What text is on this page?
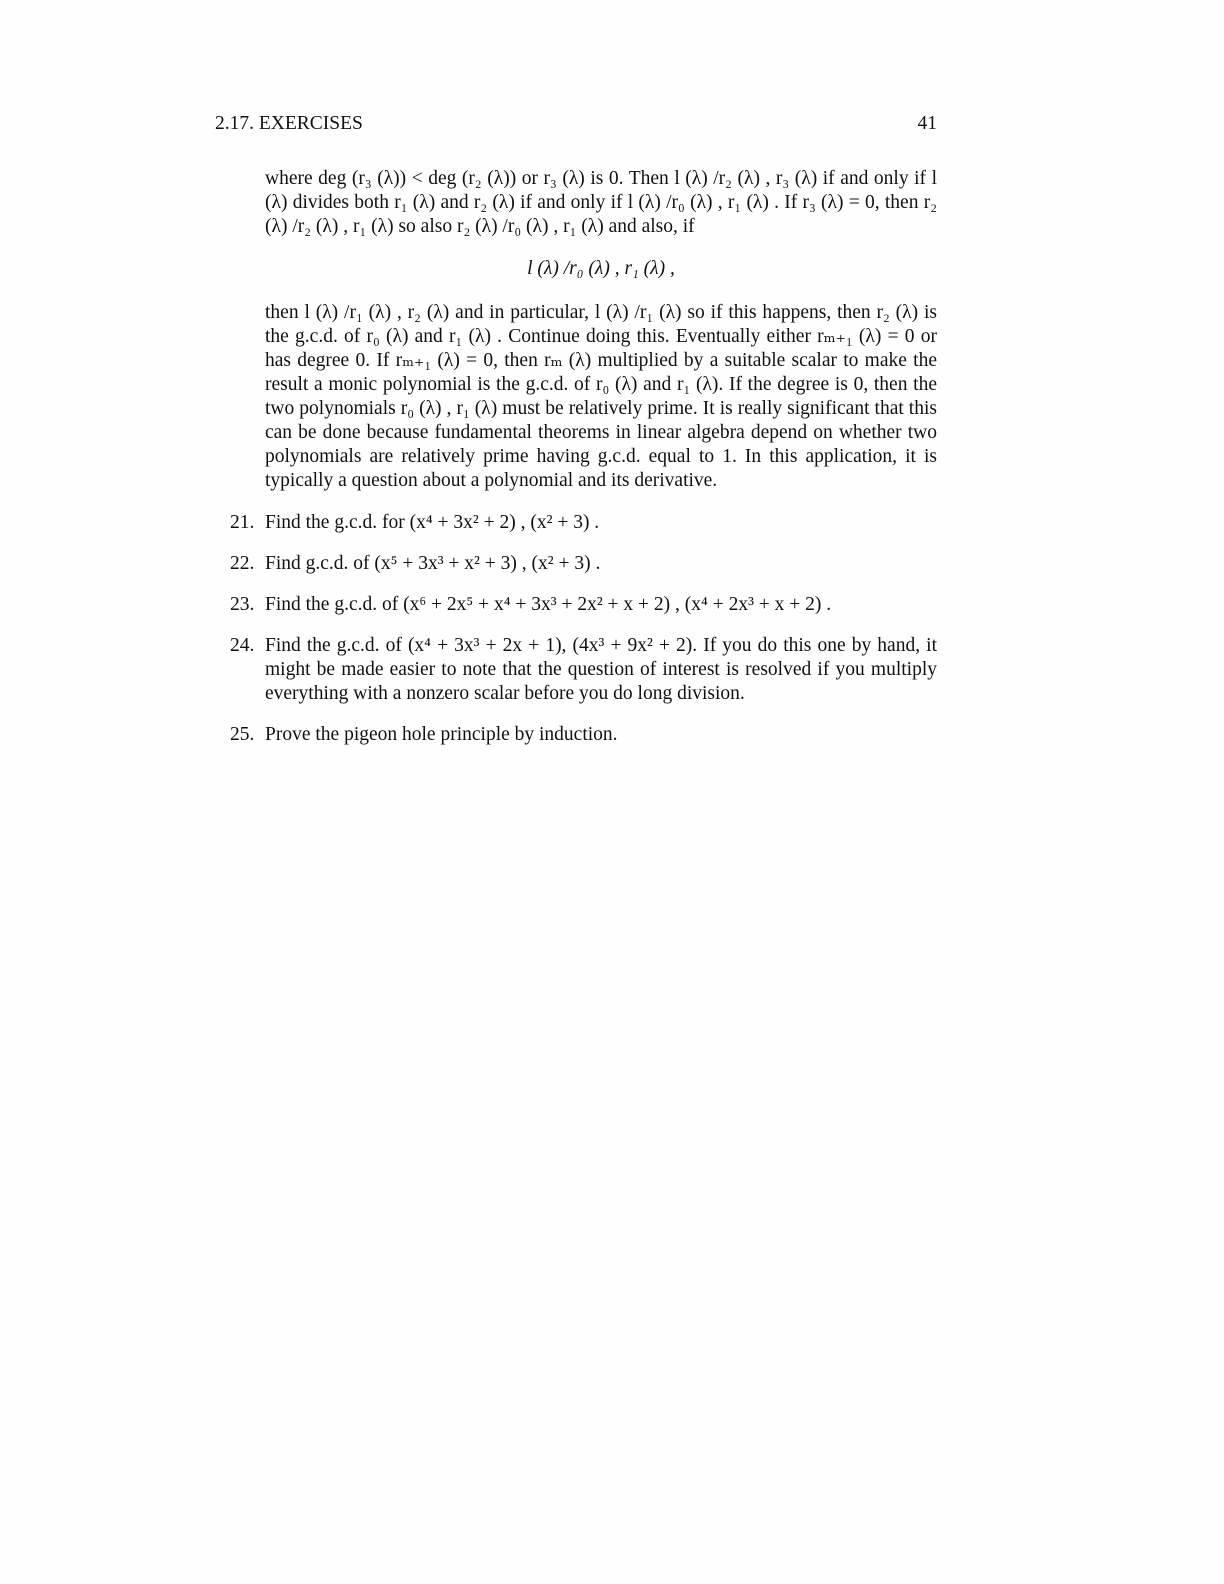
2.17. EXERCISES	41

where deg (r₃ (λ)) < deg (r₂ (λ)) or r₃ (λ) is 0. Then l (λ) /r₂ (λ) , r₃ (λ) if and only if l (λ) divides both r₁ (λ) and r₂ (λ) if and only if l (λ) /r₀ (λ) , r₁ (λ) . If r₃ (λ) = 0, then r₂ (λ) /r₂ (λ) , r₁ (λ) so also r₂ (λ) /r₀ (λ) , r₁ (λ) and also, if

l (λ) /r₀ (λ) , r₁ (λ) ,

then l (λ) /r₁ (λ) , r₂ (λ) and in particular, l (λ) /r₁ (λ) so if this happens, then r₂ (λ) is the g.c.d. of r₀ (λ) and r₁ (λ) . Continue doing this. Eventually either rₘ₊₁ (λ) = 0 or has degree 0. If rₘ₊₁ (λ) = 0, then rₘ (λ) multiplied by a suitable scalar to make the result a monic polynomial is the g.c.d. of r₀ (λ) and r₁ (λ). If the degree is 0, then the two polynomials r₀ (λ) , r₁ (λ) must be relatively prime. It is really significant that this can be done because fundamental theorems in linear algebra depend on whether two polynomials are relatively prime having g.c.d. equal to 1. In this application, it is typically a question about a polynomial and its derivative.

21. Find the g.c.d. for (x⁴ + 3x² + 2) , (x² + 3) .
22. Find g.c.d. of (x⁵ + 3x³ + x² + 3) , (x² + 3) .
23. Find the g.c.d. of (x⁶ + 2x⁵ + x⁴ + 3x³ + 2x² + x + 2) , (x⁴ + 2x³ + x + 2) .
24. Find the g.c.d. of (x⁴ + 3x³ + 2x + 1), (4x³ + 9x² + 2). If you do this one by hand, it might be made easier to note that the question of interest is resolved if you multiply everything with a nonzero scalar before you do long division.
25. Prove the pigeon hole principle by induction.
